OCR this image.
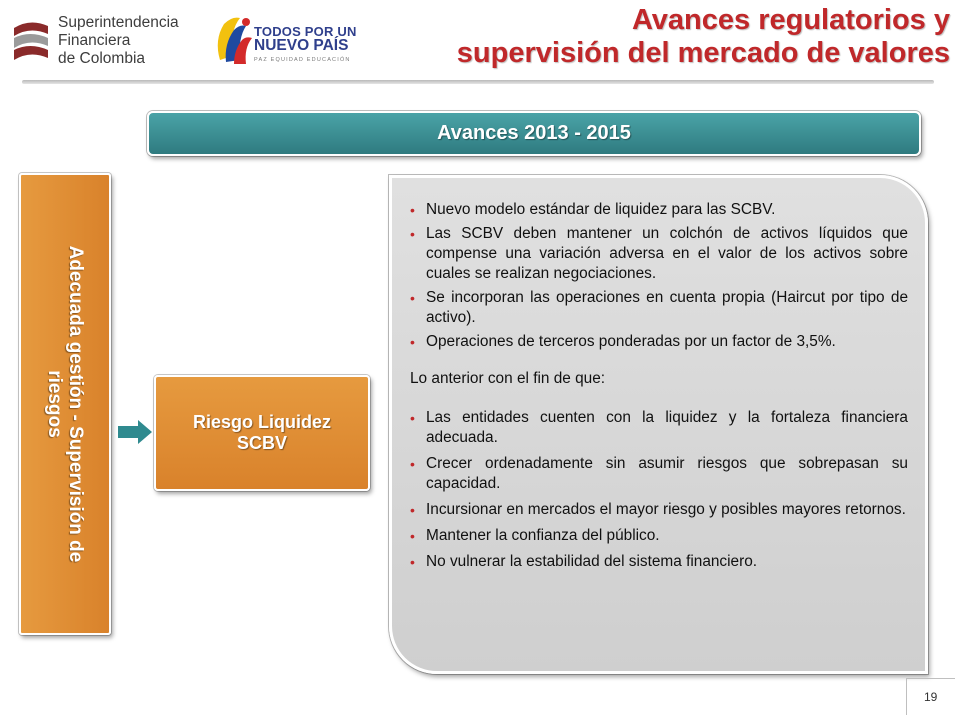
Superintendencia
Financiera
de Colombia
TODOS POR UN
NUEVO PAÍS
PAZ EQUIDAD EDUCACIÓN
Avances regulatorios y
supervisión del mercado de valores
Avances 2013 - 2015
Adecuada gestión - Supervisión de
riesgos	Riesgo Liquidez
SCBV
• Nuevo modelo estándar de liquidez para las SCBV.
• Las SCBV deben mantener un colchón de activos líquidos que compense una variación adversa en el valor de los activos sobre cuales se realizan negociaciones.
• Se incorporan las operaciones en cuenta propia (Haircut por tipo de activo).
• Operaciones de terceros ponderadas por un factor de 3,5%.
Lo anterior con el fin de que:
• Las entidades cuenten con la liquidez y la fortaleza financiera adecuada.
• Crecer ordenadamente sin asumir riesgos que sobrepasan su capacidad.
• Incursionar en mercados el mayor riesgo y posibles mayores retornos.
• Mantener la confianza del público.
• No vulnerar la estabilidad del sistema financiero.
19
